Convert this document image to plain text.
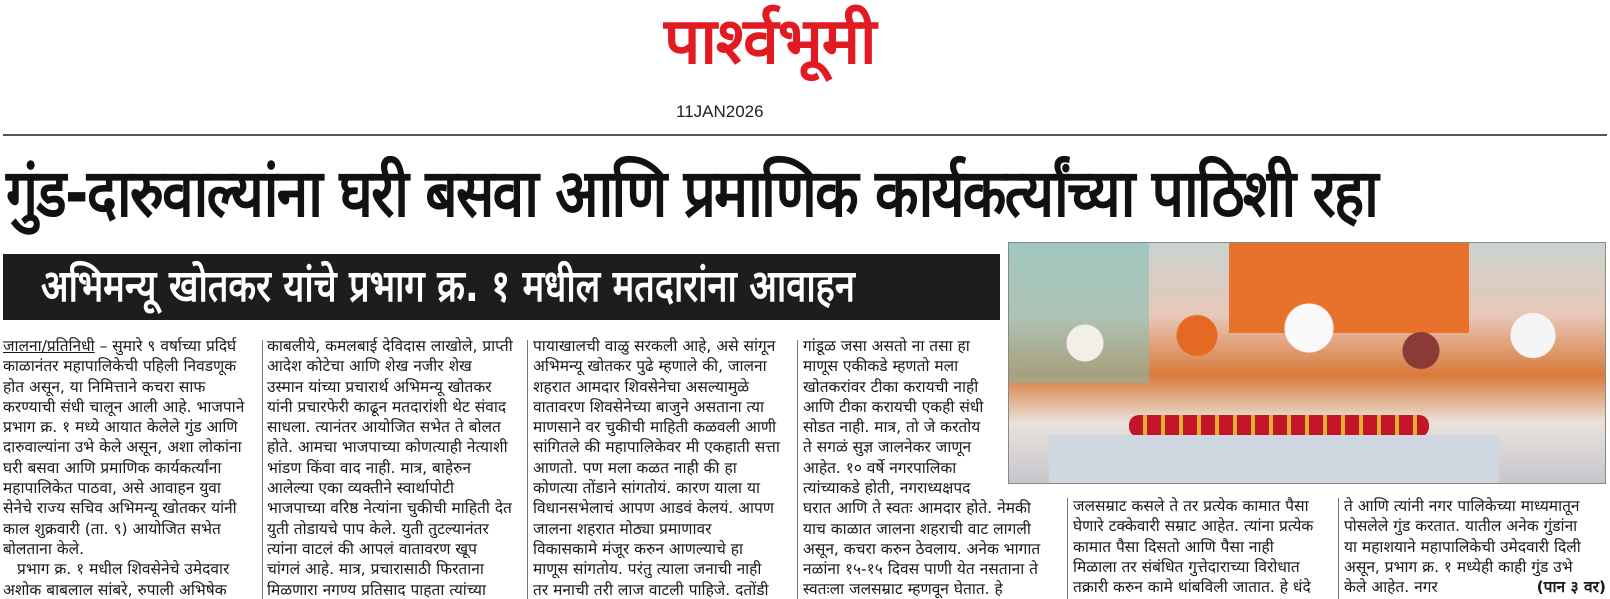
पार्श्वभूमी
11JAN2026
गुंड-दारुवाल्यांना घरी बसवा आणि प्रमाणिक कार्यकर्त्यांच्या पाठिशी रहा
अभिमन्यू खोतकर यांचे प्रभाग क्र. १ मधील मतदारांना आवाहन

जालना/प्रतिनिधी – सुमारे ९ वर्षाच्या प्रदिर्घ

काळानंतर महापालिकेची पहिली निवडणूक

होत असून, या निमित्ताने कचरा साफ

करण्याची संधी चालून आली आहे. भाजपाने

प्रभाग क्र. १ मध्ये आयात केलेले गुंड आणि

दारुवाल्यांना उभे केले असून, अशा लोकांना

घरी बसवा आणि प्रमाणिक कार्यकर्त्यांना

महापालिकेत पाठवा, असे आवाहन युवा

सेनेचे राज्य सचिव अभिमन्यू खोतकर यांनी

काल शुक्रवारी (ता. ९) आयोजित सभेत

बोलताना केले.

प्रभाग क्र. १ मधील शिवसेनेचे उमेदवार

अशोक बाबलाल सांबरे, रुपाली अभिषेक

काबलीये, कमलबाई देविदास लाखोले, प्राप्ती

आदेश कोटेचा आणि शेख नजीर शेख

उस्मान यांच्या प्रचारार्थ अभिमन्यू खोतकर

यांनी प्रचारफेरी काढून मतदारांशी थेट संवाद

साधला. त्यानंतर आयोजित सभेत ते बोलत

होते. आमचा भाजपाच्या कोणत्याही नेत्याशी

भांडण किंवा वाद नाही. मात्र, बाहेरुन

आलेल्या एका व्यक्तीने स्वार्थापोटी

भाजपाच्या वरिष्ठ नेत्यांना चुकीची माहिती देत

युती तोडायचे पाप केले. युती तुटल्यानंतर

त्यांना वाटलं की आपलं वातावरण खूप

चांगलं आहे. मात्र, प्रचारासाठी फिरताना

मिळणारा नगण्य प्रतिसाद पाहता त्यांच्या

पायाखालची वाळु सरकली आहे, असे सांगून

अभिमन्यू खोतकर पुढे म्हणाले की, जालना

शहरात आमदार शिवसेनेचा असल्यामुळे

वातावरण शिवसेनेच्या बाजुने असताना त्या

माणसाने वर चुकीची माहिती कळवली आणी

सांगितले की महापालिकेवर मी एकहाती सत्ता

आणतो. पण मला कळत नाही की हा

कोणत्या तोंडाने सांगतोयं. कारण याला या

विधानसभेलाचं आपण आडवं केलयं. आपण

जालना शहरात मोठ्या प्रमाणावर

विकासकामे मंजूर करुन आणल्याचे हा

माणूस सांगतोय. परंतु त्याला जनाची नाही

तर मनाची तरी लाज वाटली पाहिजे. दतोंडी

गांडूळ जसा असतो ना तसा हा

माणूस एकीकडे म्हणतो मला

खोतकरांवर टीका करायची नाही

आणि टीका करायची एकही संधी

सोडत नाही. मात्र, तो जे करतोय

ते सगळं सुज्ञ जालनेकर जाणून

आहेत. १० वर्षे नगरपालिका

त्यांच्याकडे होती, नगराध्यक्षपद

घरात आणि ते स्वतः आमदार होते. नेमकी

याच काळात जालना शहराची वाट लागली

असून, कचरा करुन ठेवलाय. अनेक भागात

नळांना १५-१५ दिवस पाणी येत नसताना ते

स्वतःला जलसम्राट म्हणवून घेतात. हे

जलसम्राट कसले ते तर प्रत्येक कामात पैसा

घेणारे टक्केवारी सम्राट आहेत. त्यांना प्रत्येक

कामात पैसा दिसतो आणि पैसा नाही

मिळाला तर संबंधित गुत्तेदाराच्या विरोधात

तक्रारी करुन कामे थांबविली जातात. हे धंदे

ते आणि त्यांनी नगर पालिकेच्या माध्यमातून

पोसलेले गुंड करतात. यातील अनेक गुंडांना

या महाशयाने महापालिकेची उमेदवारी दिली

असून, प्रभाग क्र. १ मध्येही काही गुंड उभे

केले आहेत. नगर	(पान ३ वर)
